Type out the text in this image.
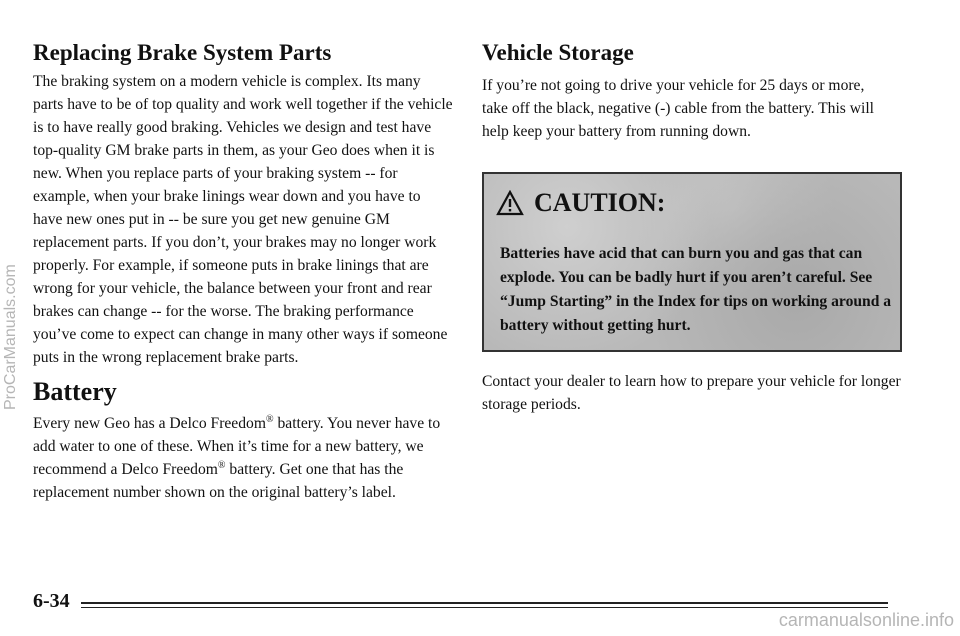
Replacing Brake System Parts

The braking system on a modern vehicle is complex. Its many parts have to be of top quality and work well together if the vehicle is to have really good braking. Vehicles we design and test have top-quality GM brake parts in them, as your Geo does when it is new. When you replace parts of your braking system -- for example, when your brake linings wear down and you have to have new ones put in -- be sure you get new genuine GM replacement parts. If you don’t, your brakes may no longer work properly. For example, if someone puts in brake linings that are wrong for your vehicle, the balance between your front and rear brakes can change -- for the worse. The braking performance you’ve come to expect can change in many other ways if someone puts in the wrong replacement brake parts.

Battery

Every new Geo has a Delco Freedom® battery. You never have to add water to one of these. When it’s time for a new battery, we recommend a Delco Freedom® battery. Get one that has the replacement number shown on the original battery’s label.

Vehicle Storage

If you’re not going to drive your vehicle for 25 days or more, take off the black, negative (-) cable from the battery. This will help keep your battery from running down.

CAUTION:
Batteries have acid that can burn you and gas that can explode. You can be badly hurt if you aren’t careful. See “Jump Starting” in the Index for tips on working around a battery without getting hurt.

Contact your dealer to learn how to prepare your vehicle for longer storage periods.

6-34
ProCarManuals.com
carmanualsonline.info
